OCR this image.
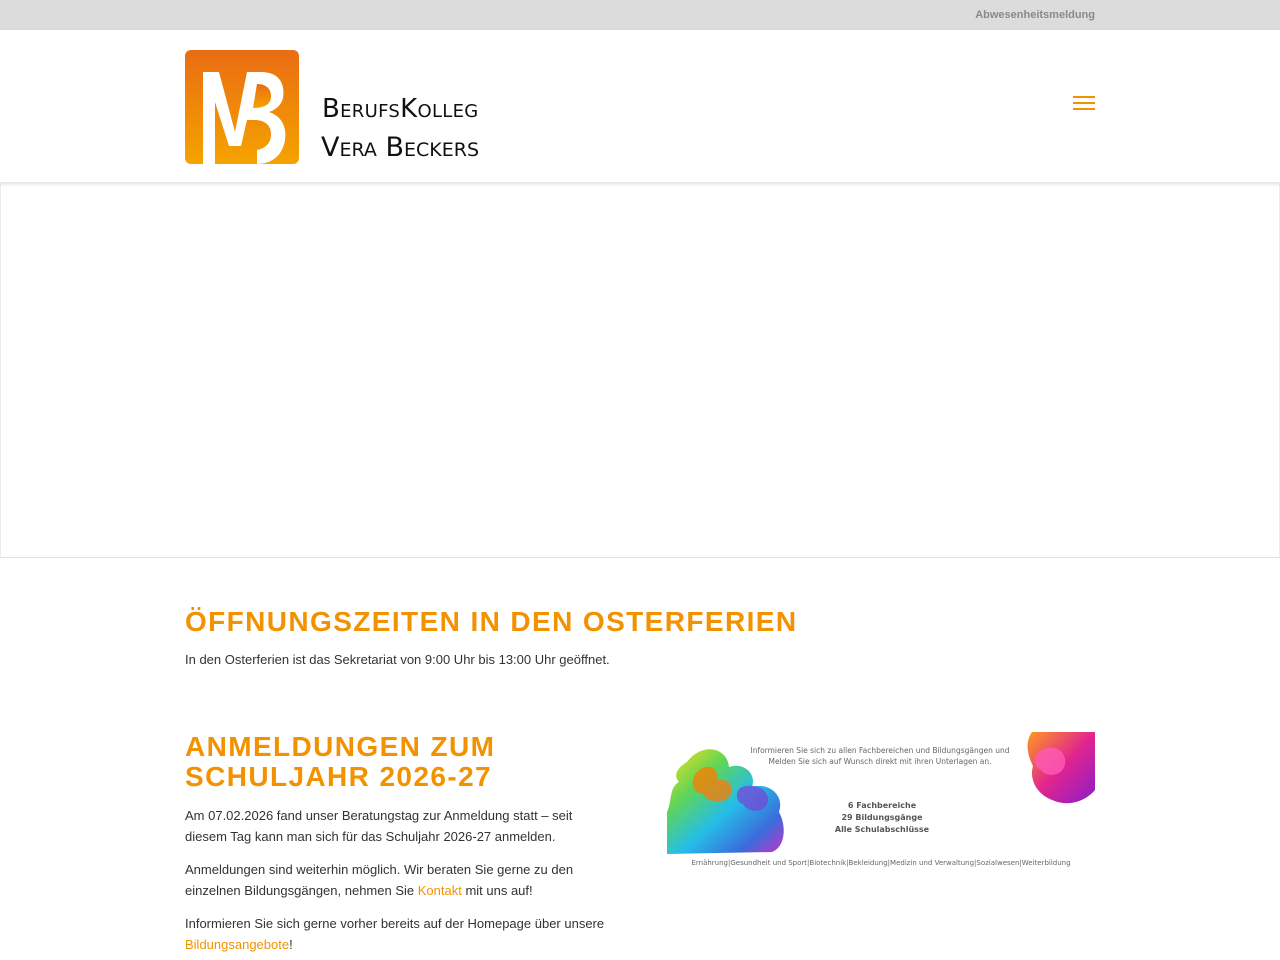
Abwesenheitsmeldung
BerufsKolleg
Vera Beckers
ÖFFNUNGSZEITEN IN DEN OSTERFERIEN

In den Osterferien ist das Sekretariat von 9:00 Uhr bis 13:00 Uhr geöffnet.

ANMELDUNGEN ZUM
SCHULJAHR 2026-27

Am 07.02.2026 fand unser Beratungstag zur Anmeldung statt – seit diesem Tag kann man sich für das Schuljahr 2026-27 anmelden.

Anmeldungen sind weiterhin möglich. Wir beraten Sie gerne zu den einzelnen Bildungsgängen, nehmen Sie Kontakt mit uns auf!

Informieren Sie sich gerne vorher bereits auf der Homepage über unsere Bildungsangebote!

Informieren Sie sich zu allen Fachbereichen und Bildungsgängen und Melden Sie sich auf Wunsch direkt mit ihren Unterlagen an.
6 Fachbereiche
29 Bildungsgänge
Alle Schulabschlüsse
Ernährung|Gesundheit und Sport|Biotechnik|Bekleidung|Medizin und Verwaltung|Sozialwesen|Weiterbildung
